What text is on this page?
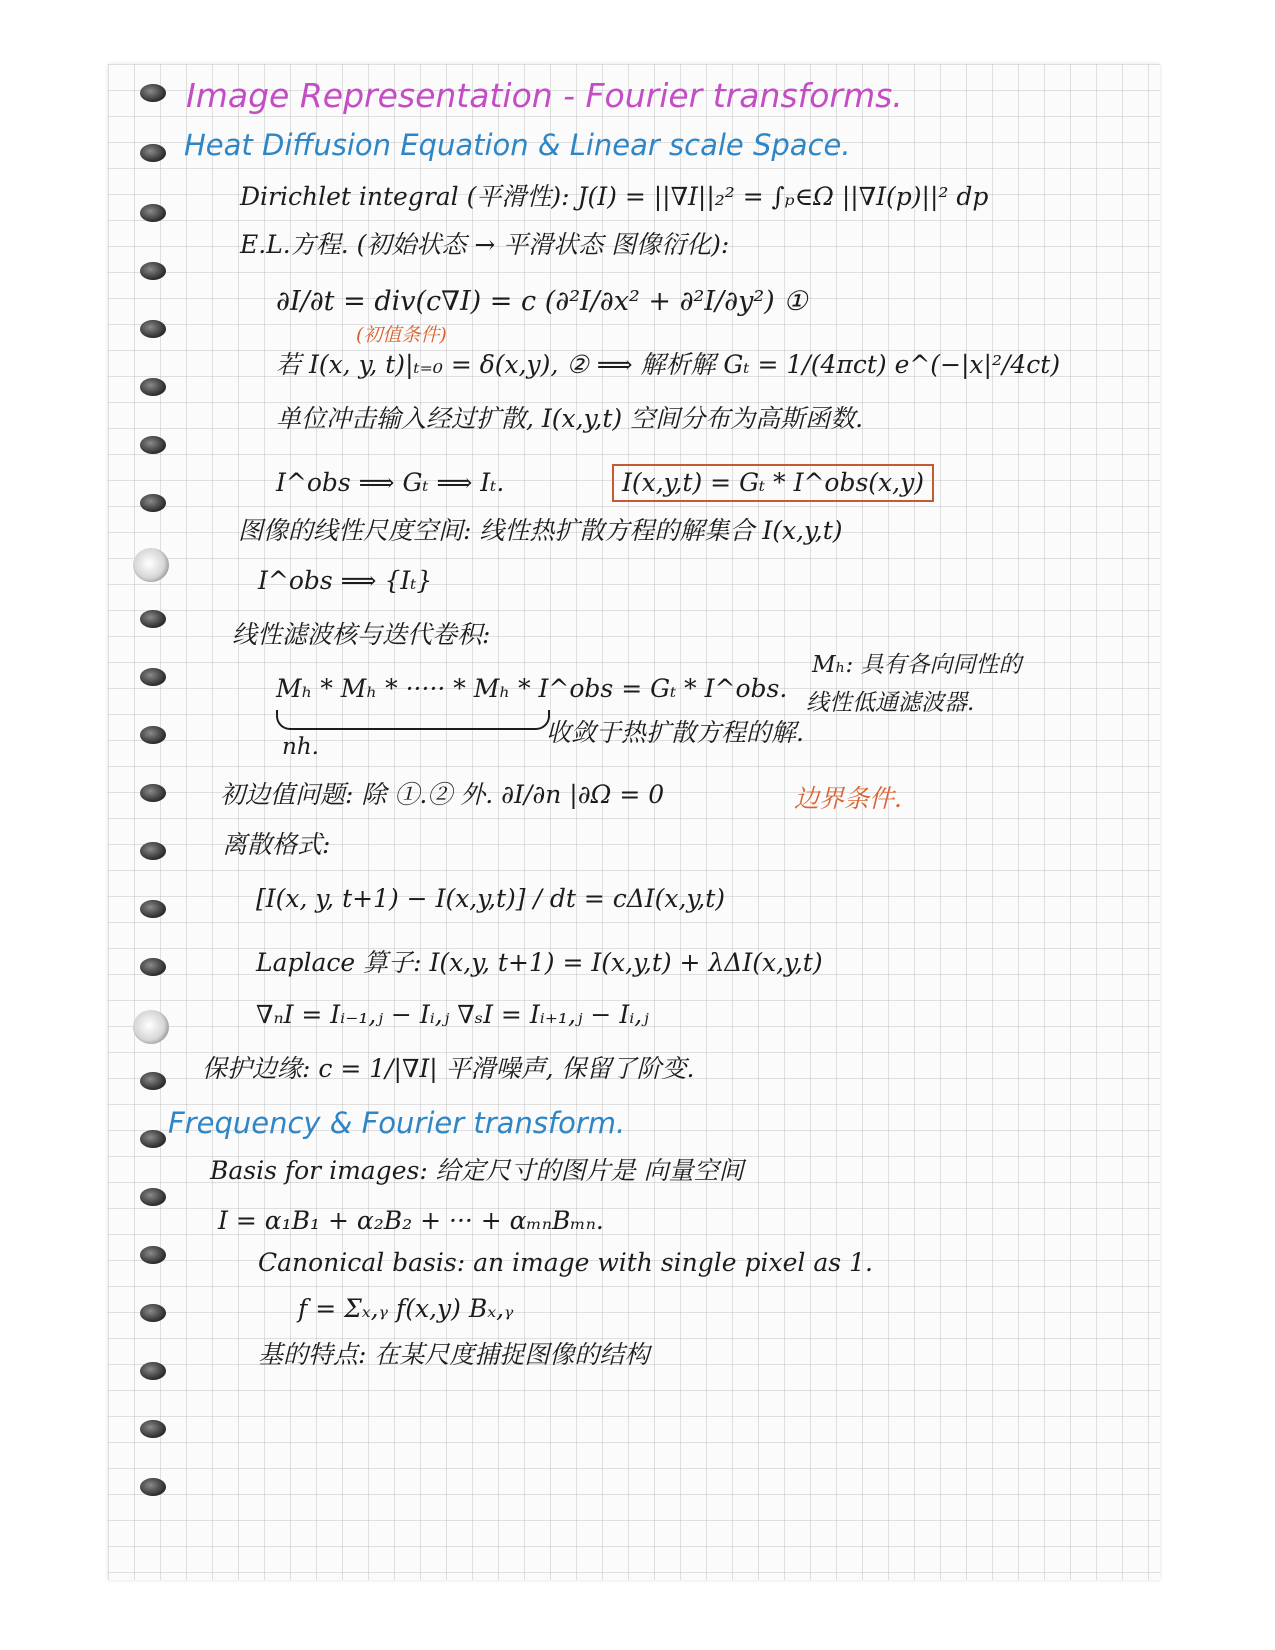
Image Representation - Fourier transforms.
Heat Diffusion Equation & Linear scale Space.
Dirichlet integral (平滑性): J(I) = ||∇I||₂² = ∫ₚ∈Ω ||∇I(p)||² dp
E.L.方程. (初始状态 → 平滑状态 图像衍化):
∂I/∂t = div(c∇I) = c (∂²I/∂x² + ∂²I/∂y²) ①
(初值条件)
若 I(x, y, t)|ₜ₌₀ = δ(x,y), ② ⟹ 解析解 Gₜ = 1/(4πct) e^(−|x|²/4ct)
单位冲击输入经过扩散, I(x,y,t) 空间分布为高斯函数.
I^obs ⟹ Gₜ ⟹ Iₜ.	I(x,y,t) = Gₜ * I^obs(x,y)
图像的线性尺度空间: 线性热扩散方程的解集合 I(x,y,t)
I^obs ⟹ {Iₜ}
线性滤波核与迭代卷积:
Mₕ * Mₕ * ····· * Mₕ * I^obs = Gₜ * I^obs.
Mₕ: 具有各向同性的
线性低通滤波器.
nh.	收敛于热扩散方程的解.
初边值问题: 除 ①.② 外. ∂I/∂n |∂Ω = 0	边界条件.
离散格式:
[I(x, y, t+1) − I(x,y,t)] / dt = cΔI(x,y,t)
Laplace 算子: I(x,y, t+1) = I(x,y,t) + λΔI(x,y,t)
∇ₙI = Iᵢ₋₁,ⱼ − Iᵢ,ⱼ ∇ₛI = Iᵢ₊₁,ⱼ − Iᵢ,ⱼ
保护边缘: c = 1/|∇I| 平滑噪声, 保留了阶变.
Frequency & Fourier transform.
Basis for images: 给定尺寸的图片是 向量空间
I = α₁B₁ + α₂B₂ + ··· + αₘₙBₘₙ.
Canonical basis: an image with single pixel as 1.
f = Σₓ,ᵧ f(x,y) Bₓ,ᵧ
基的特点: 在某尺度捕捉图像的结构
